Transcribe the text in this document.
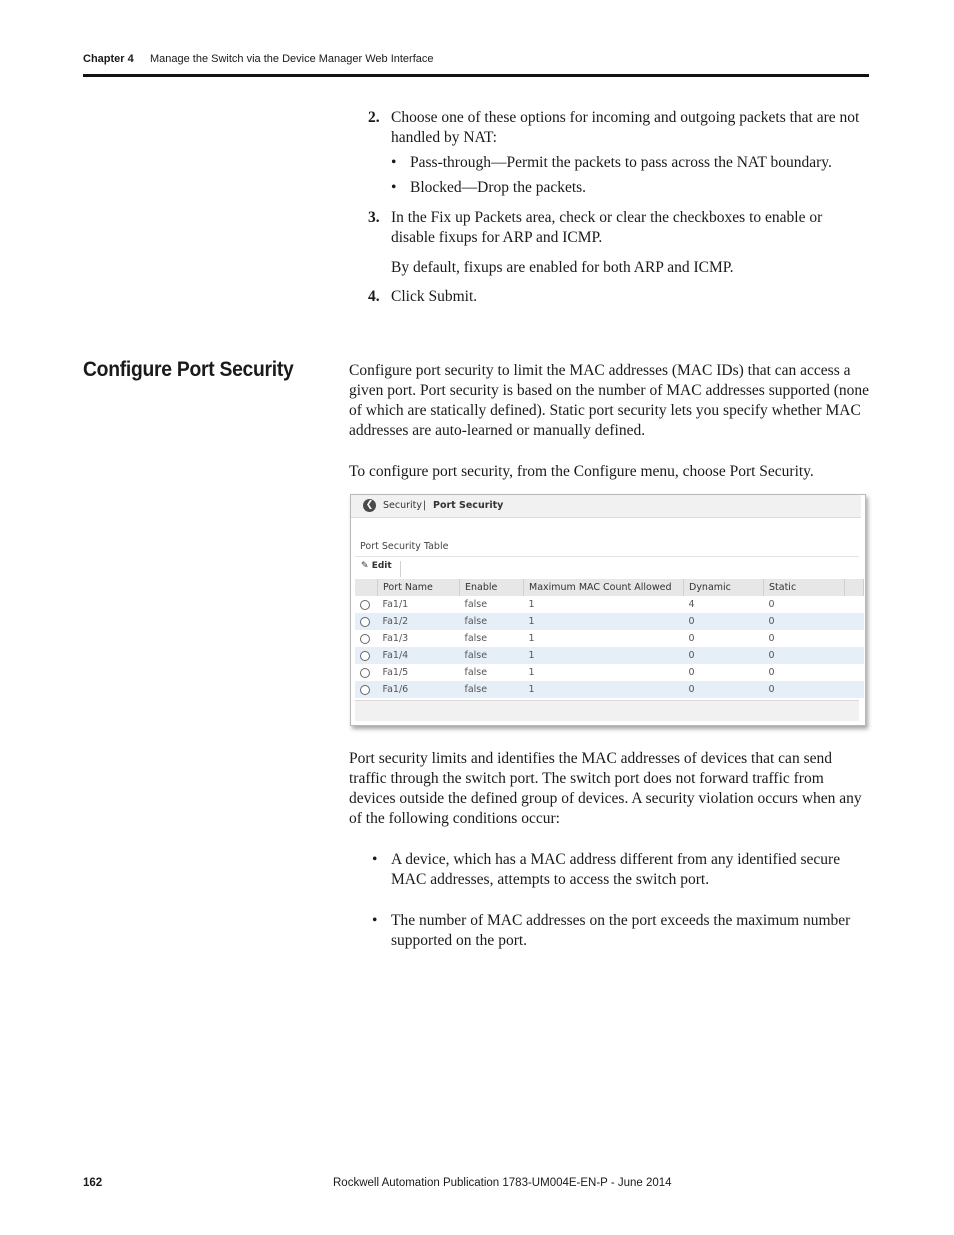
Chapter 4 Manage the Switch via the Device Manager Web Interface
2. Choose one of these options for incoming and outgoing packets that are not handled by NAT:
• Pass-through—Permit the packets to pass across the NAT boundary.
• Blocked—Drop the packets.
3. In the Fix up Packets area, check or clear the checkboxes to enable or disable fixups for ARP and ICMP.
By default, fixups are enabled for both ARP and ICMP.
4. Click Submit.
Configure Port Security	Configure port security to limit the MAC addresses (MAC IDs) that can access a given port. Port security is based on the number of MAC addresses supported (none of which are statically defined). Static port security lets you specify whether MAC addresses are auto-learned or manually defined.
To configure port security, from the Configure menu, choose Port Security.
❮ Security | Port Security
Port Security Table
✎ Edit
	Port Name	Enable	Maximum MAC Count Allowed	Dynamic	Static	
	Fa1/1	false	1	4	0	
	Fa1/2	false	1	0	0	
	Fa1/3	false	1	0	0	
	Fa1/4	false	1	0	0	
	Fa1/5	false	1	0	0	
	Fa1/6	false	1	0	0	
Port security limits and identifies the MAC addresses of devices that can send traffic through the switch port. The switch port does not forward traffic from devices outside the defined group of devices. A security violation occurs when any of the following conditions occur:
• A device, which has a MAC address different from any identified secure MAC addresses, attempts to access the switch port.
• The number of MAC addresses on the port exceeds the maximum number supported on the port.
162	Rockwell Automation Publication 1783-UM004E-EN-P - June 2014
